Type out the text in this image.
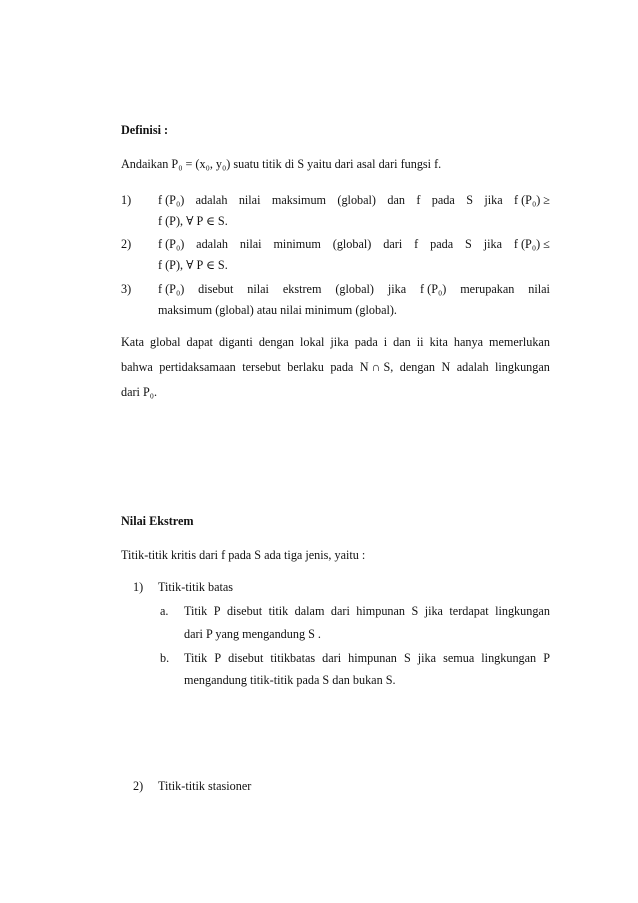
Definisi :
Andaikan P₀ = (x₀, y₀) suatu titik di S yaitu dari asal dari fungsi f.
1) f (P₀) adalah nilai maksimum (global) dan f pada S jika f (P₀) ≥
f (P), ∀ P ∈ S.
2) f (P₀) adalah nilai minimum (global) dari f pada S jika f (P₀) ≤
f (P), ∀ P ∈ S.
3) f (P₀) disebut nilai ekstrem (global) jika f (P₀) merupakan nilai
maksimum (global) atau nilai minimum (global).
Kata global dapat diganti dengan lokal jika pada i dan ii kita hanya memerlukan
bahwa pertidaksamaan tersebut berlaku pada N ∩ S, dengan N adalah lingkungan
dari P₀.
Nilai Ekstrem
Titik-titik kritis dari f pada S ada tiga jenis, yaitu :
1) Titik-titik batas
a. Titik P disebut titik dalam dari himpunan S jika terdapat lingkungan
dari P yang mengandung S .
b. Titik P disebut titikbatas dari himpunan S jika semua lingkungan P
mengandung titik-titik pada S dan bukan S.
2) Titik-titik stasioner
